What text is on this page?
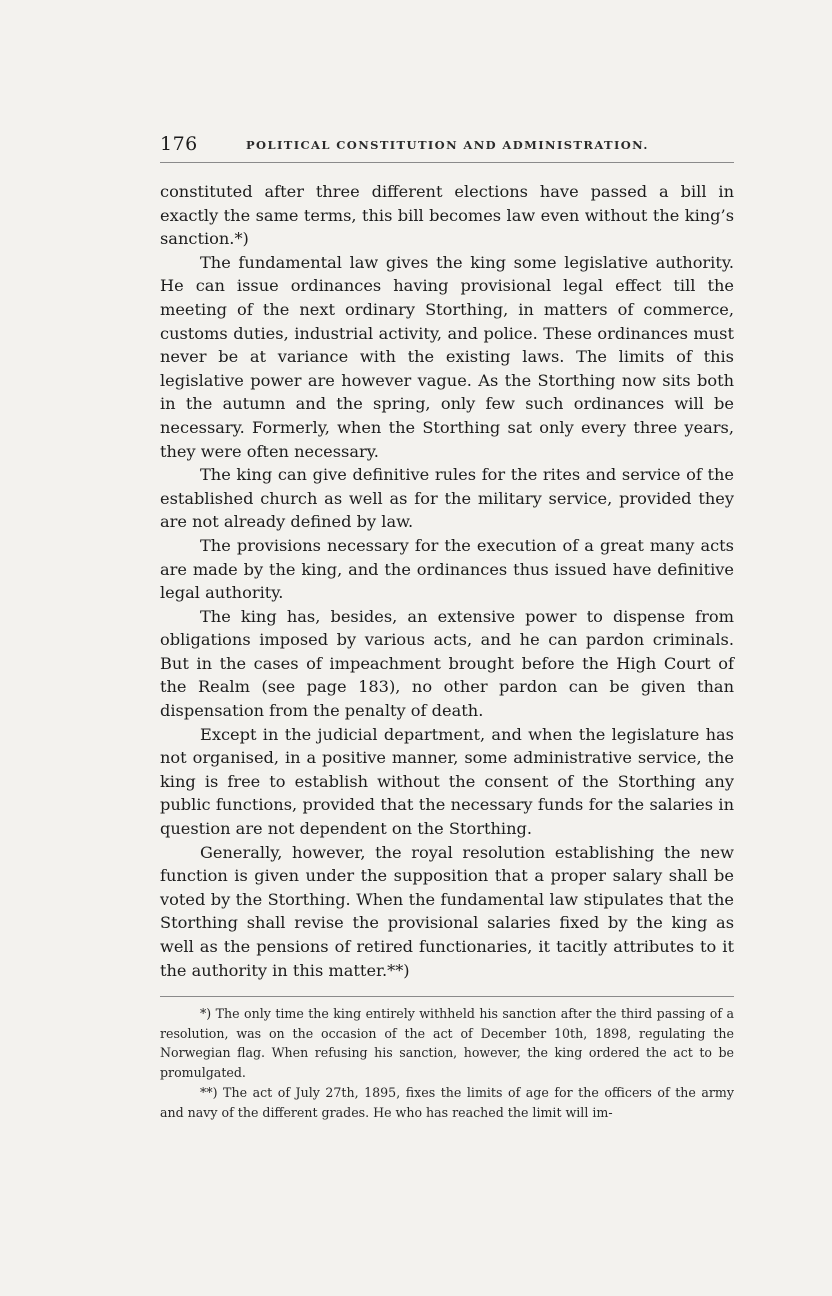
176	POLITICAL CONSTITUTION AND ADMINISTRATION.

constituted after three different elections have passed a bill in exactly the same terms, this bill becomes law even without the king’s sanction.*)

The fundamental law gives the king some legislative authority. He can issue ordinances having provisional legal effect till the meeting of the next ordinary Storthing, in matters of commerce, customs duties, industrial activity, and police. These ordinances must never be at variance with the existing laws. The limits of this legislative power are however vague. As the Storthing now sits both in the autumn and the spring, only few such ordinances will be necessary. Formerly, when the Storthing sat only every three years, they were often necessary.

The king can give definitive rules for the rites and service of the established church as well as for the military service, provided they are not already defined by law.

The provisions necessary for the execution of a great many acts are made by the king, and the ordinances thus issued have definitive legal authority.

The king has, besides, an extensive power to dispense from obligations imposed by various acts, and he can pardon criminals. But in the cases of impeachment brought before the High Court of the Realm (see page 183), no other pardon can be given than dispensation from the penalty of death.

Except in the judicial department, and when the legislature has not organised, in a positive manner, some administrative service, the king is free to establish without the consent of the Storthing any public functions, provided that the necessary funds for the salaries in question are not dependent on the Storthing.

Generally, however, the royal resolution establishing the new function is given under the supposition that a proper salary shall be voted by the Storthing. When the fundamental law stipulates that the Storthing shall revise the provisional salaries fixed by the king as well as the pensions of retired functionaries, it tacitly attributes to it the authority in this matter.**)

*) The only time the king entirely withheld his sanction after the third passing of a resolution, was on the occasion of the act of December 10th, 1898, regulating the Norwegian flag. When refusing his sanction, however, the king ordered the act to be promulgated.

**) The act of July 27th, 1895, fixes the limits of age for the officers of the army and navy of the different grades. He who has reached the limit will im-
